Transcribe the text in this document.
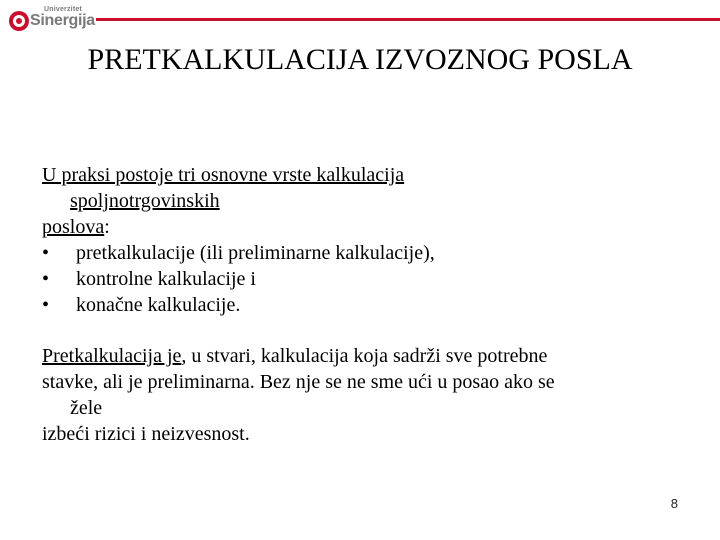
Univerzitet
Sinergija
PRETKALKULACIJA IZVOZNOG POSLA
U praksi postoje tri osnovne vrste kalkulacija
spoljnotrgovinskih
poslova:
• pretkalkulacije (ili preliminarne kalkulacije),
• kontrolne kalkulacije i
• konačne kalkulacije.
Pretkalkulacija je, u stvari, kalkulacija koja sadrži sve potrebne
stavke, ali je preliminarna. Bez nje se ne sme ući u posao ako se
žele
izbeći rizici i neizvesnost.
8
